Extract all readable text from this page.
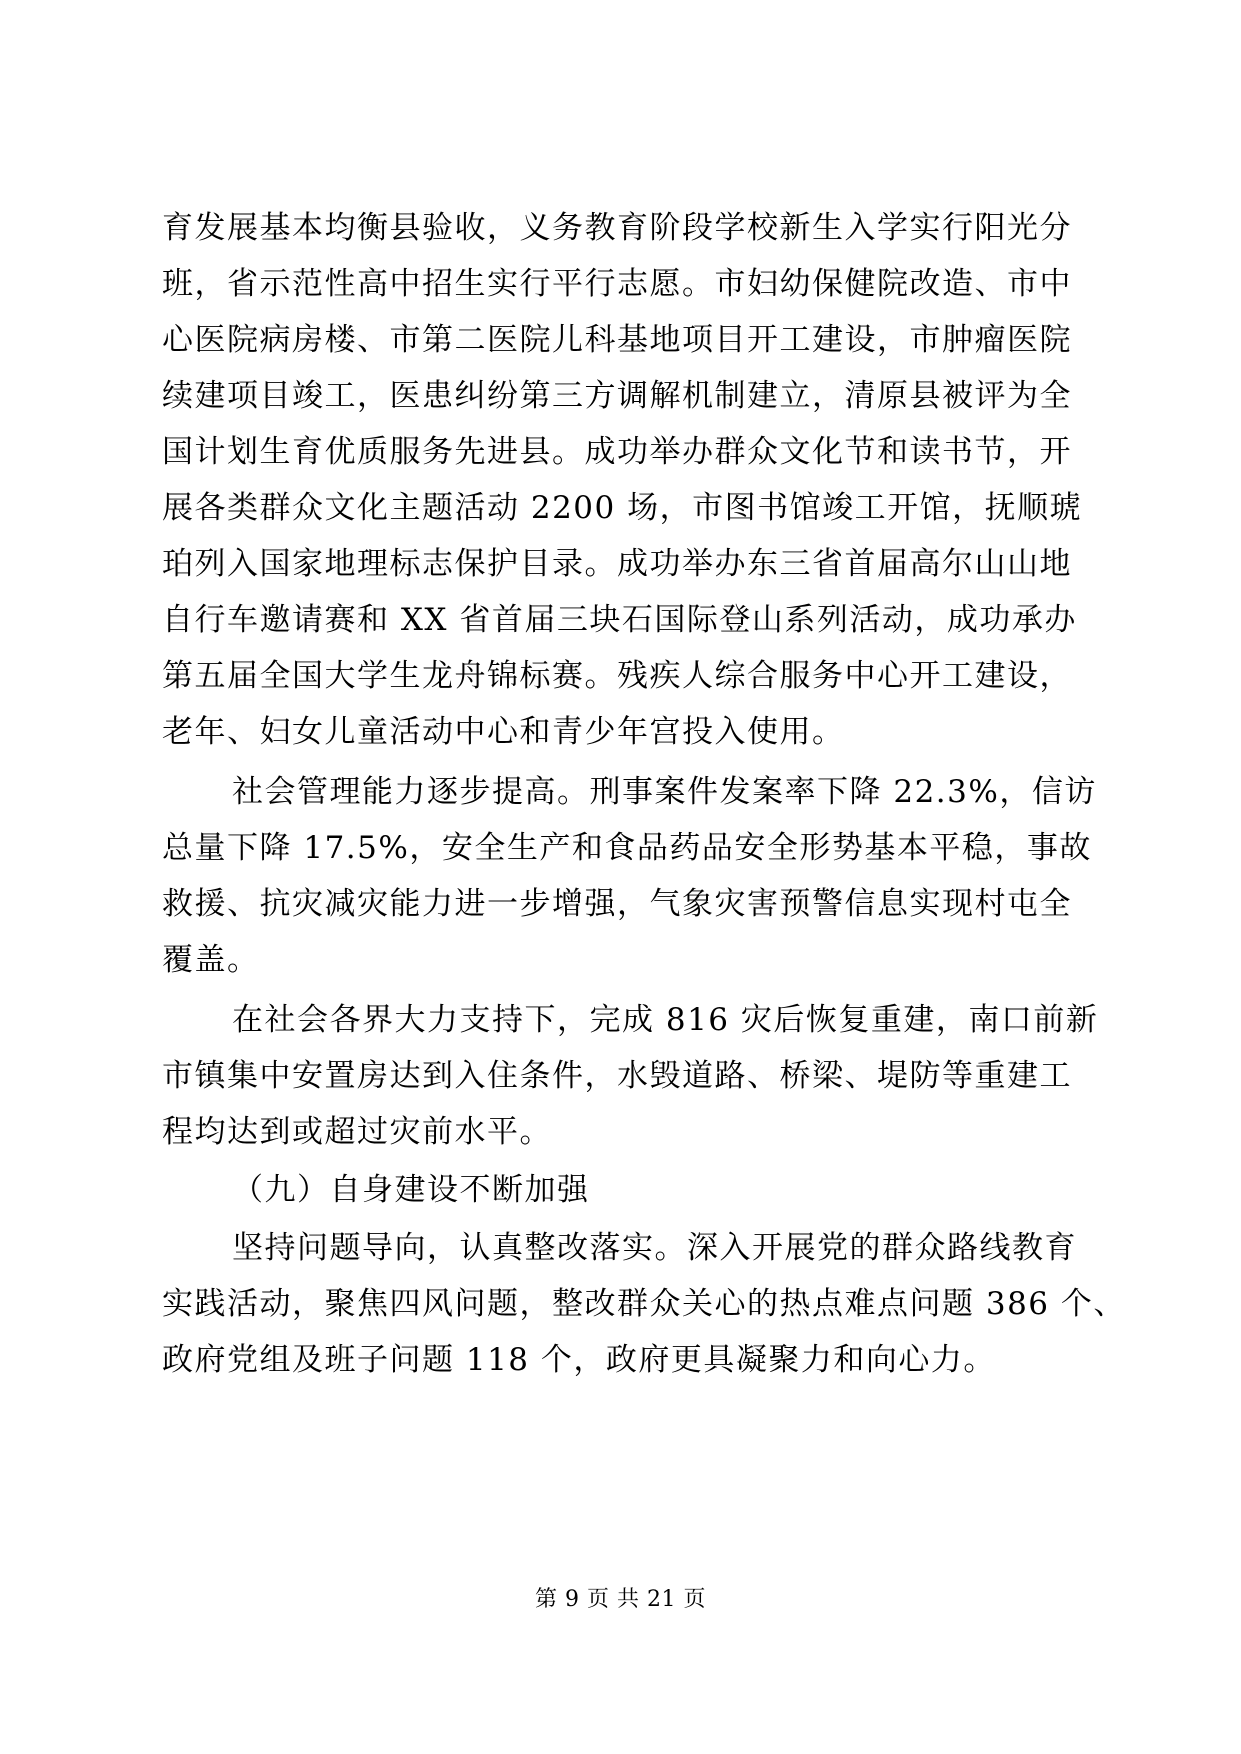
育发展基本均衡县验收，义务教育阶段学校新生入学实行阳光分
班，省示范性高中招生实行平行志愿。市妇幼保健院改造、市中
心医院病房楼、市第二医院儿科基地项目开工建设，市肿瘤医院
续建项目竣工，医患纠纷第三方调解机制建立，清原县被评为全
国计划生育优质服务先进县。成功举办群众文化节和读书节，开
展各类群众文化主题活动 2200 场，市图书馆竣工开馆，抚顺琥
珀列入国家地理标志保护目录。成功举办东三省首届高尔山山地
自行车邀请赛和 XX 省首届三块石国际登山系列活动，成功承办
第五届全国大学生龙舟锦标赛。残疾人综合服务中心开工建设，
老年、妇女儿童活动中心和青少年宫投入使用。
社会管理能力逐步提高。刑事案件发案率下降 22.3%，信访
总量下降 17.5%，安全生产和食品药品安全形势基本平稳，事故
救援、抗灾减灾能力进一步增强，气象灾害预警信息实现村屯全
覆盖。
在社会各界大力支持下，完成 816 灾后恢复重建，南口前新
市镇集中安置房达到入住条件，水毁道路、桥梁、堤防等重建工
程均达到或超过灾前水平。
（九）自身建设不断加强
坚持问题导向，认真整改落实。深入开展党的群众路线教育
实践活动，聚焦四风问题，整改群众关心的热点难点问题 386 个、
政府党组及班子问题 118 个，政府更具凝聚力和向心力。
第 9 页 共 21 页
